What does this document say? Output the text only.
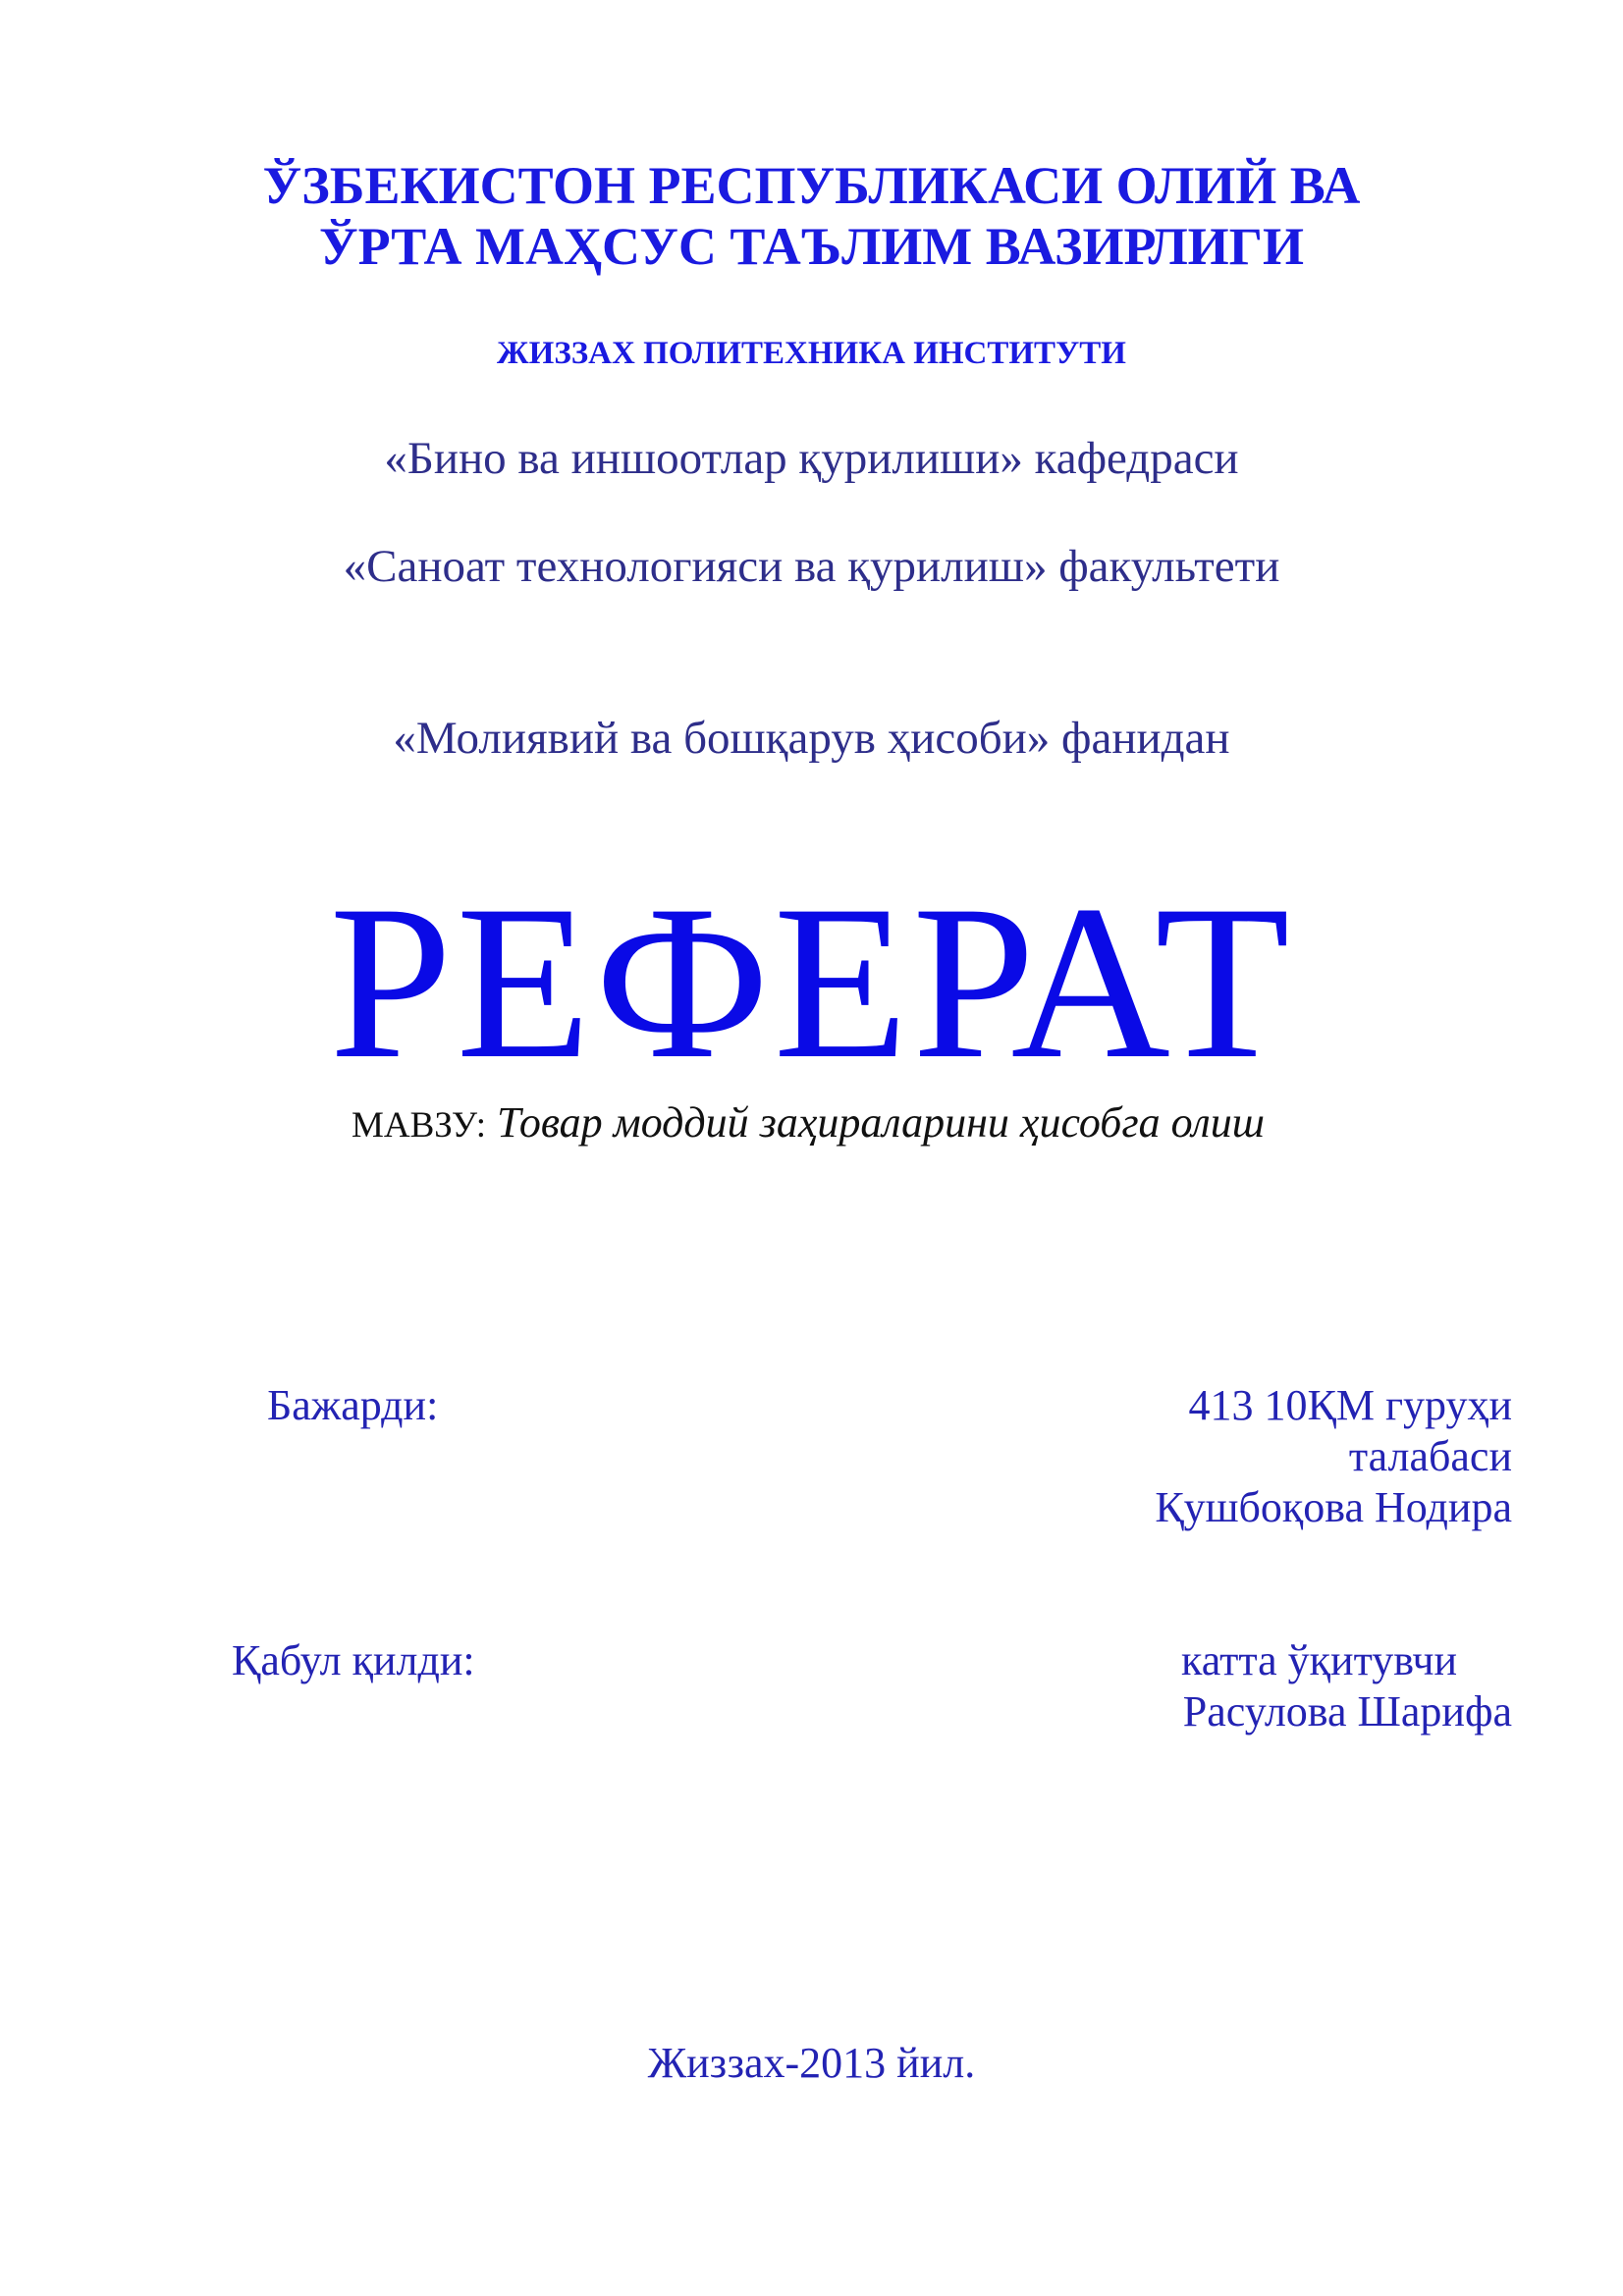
ЎЗБЕКИСТОН РЕСПУБЛИКАСИ ОЛИЙ ВА
ЎРТА МАҲСУС ТАЪЛИМ ВАЗИРЛИГИ
ЖИЗЗАХ ПОЛИТЕХНИКА ИНСТИТУТИ
«Бино ва иншоотлар қурилиши» кафедраси
«Саноат технологияси ва қурилиш» факультети
«Молиявий ва бошқарув ҳисоби» фанидан
РЕФЕРАТ
МАВЗУ: Товар моддий заҳираларини ҳисобга олиш
Бажарди:	413 10ҚМ гуруҳи
талабаси
Қушбоқова Нодира
Қабул қилди:	катта ўқитувчи
Расулова Шарифа
Жиззах-2013 йил.
